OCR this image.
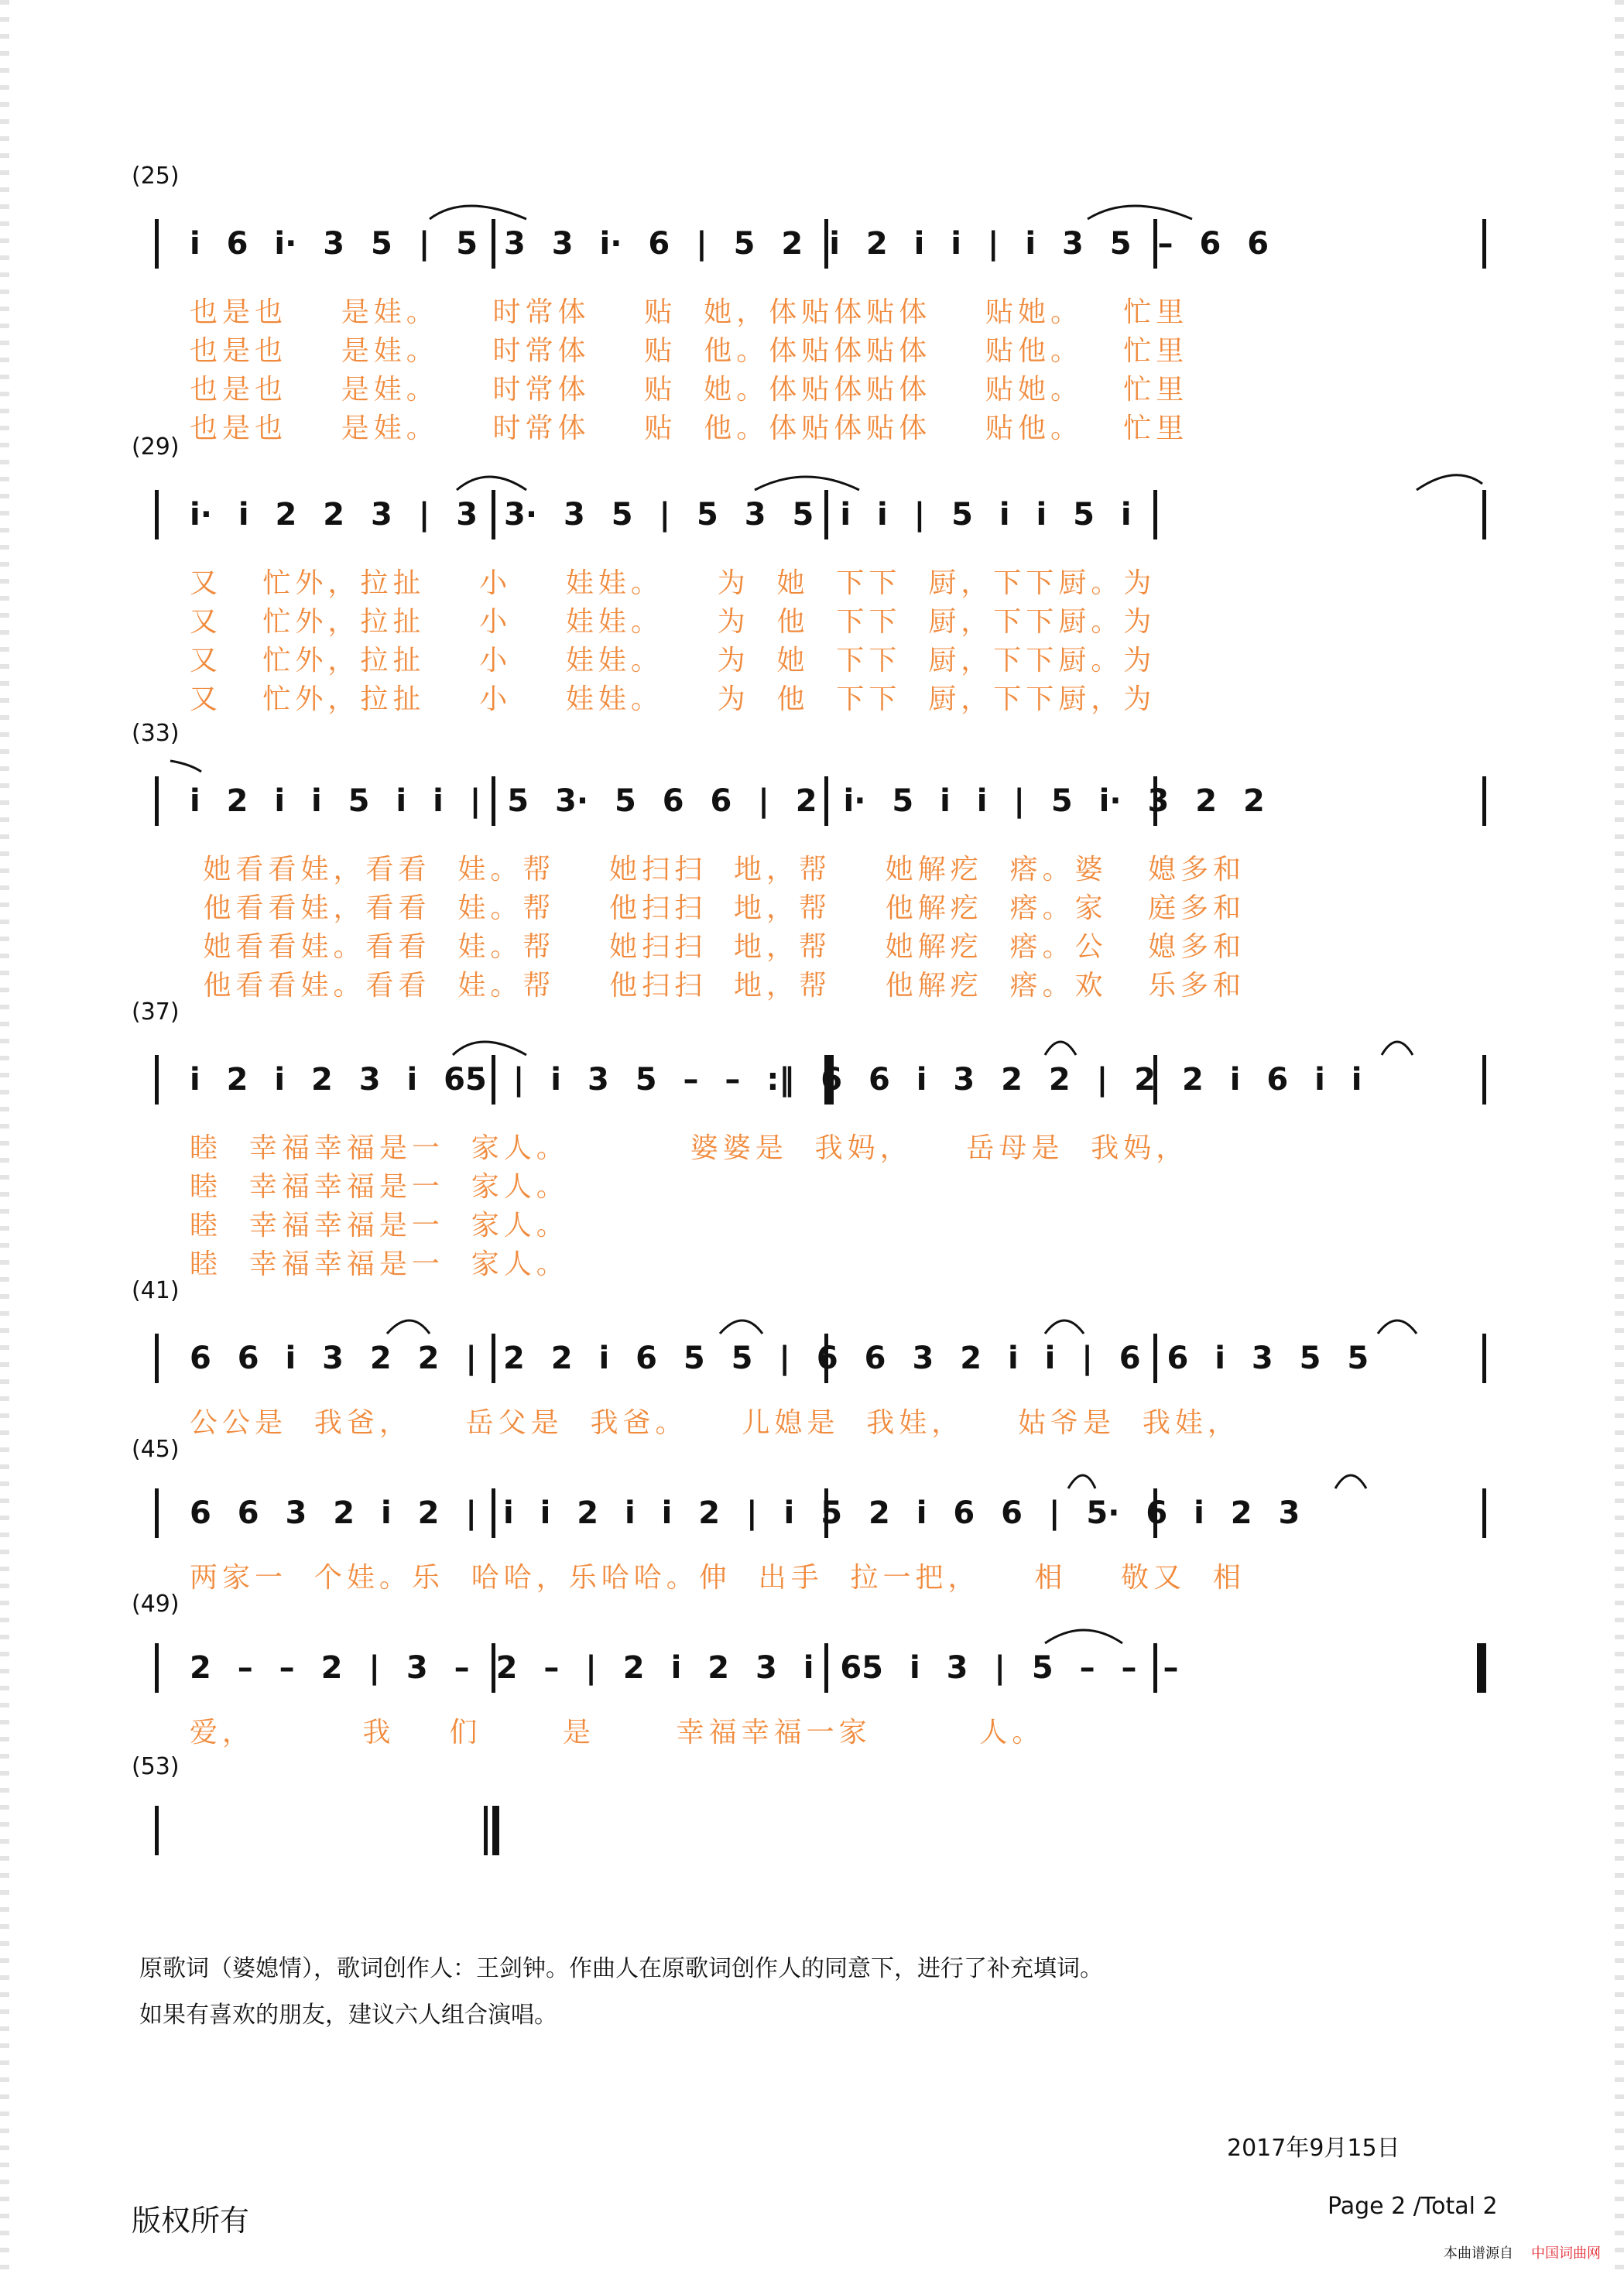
(25)
i 6 i· 3 5 | 5 3 3 i· 6 | 5 2 i 2 i i | i 3 5 – 6 6
也是也    是娃。    时常体    贴  她，体贴体贴体    贴她。   忙里
也是也    是娃。    时常体    贴  他。体贴体贴体    贴他。   忙里
也是也    是娃。    时常体    贴  她。体贴体贴体    贴她。   忙里
也是也    是娃。    时常体    贴  他。体贴体贴体    贴他。   忙里
(29)
i· i 2 2 3 | 3 3· 3 5 | 5 3 5 i i | 5 i i 5 i
又   忙外，拉扯    小    娃娃。    为  她  下下  厨，下下厨。为
又   忙外，拉扯    小    娃娃。    为  他  下下  厨，下下厨。为
又   忙外，拉扯    小    娃娃。    为  她  下下  厨，下下厨。为
又   忙外，拉扯    小    娃娃。    为  他  下下  厨，下下厨，为
(33)
i 2 i i 5 i i | 5 3· 5 6 6 | 2 i· 5 i i | 5 i· 3 2 2
她看看娃，看看  娃。帮    她扫扫  地，帮    她解疙  瘩。婆   媳多和
他看看娃，看看  娃。帮    他扫扫  地，帮    他解疙  瘩。家   庭多和
她看看娃。看看  娃。帮    她扫扫  地，帮    她解疙  瘩。公   媳多和
他看看娃。看看  娃。帮    他扫扫  地，帮    他解疙  瘩。欢   乐多和
(37)
i 2 i 2 3 i 65 | i 3 5 – – :‖ 6 6 i 3 2 2 | 2 2 i 6 i i
睦  幸福幸福是一  家人。         婆婆是  我妈，    岳母是  我妈，
睦  幸福幸福是一  家人。
睦  幸福幸福是一  家人。
睦  幸福幸福是一  家人。
(41)
6 6 i 3 2 2 | 2 2 i 6 5 5 | 6 6 3 2 i i | 6 6 i 3 5 5
公公是  我爸，    岳父是  我爸。    儿媳是  我娃，    姑爷是  我娃，
(45)
6 6 3 2 i 2 | i i 2 i i 2 | i 5 2 i 6 6 | 5· 6 i 2 3
两家一  个娃。乐  哈哈，乐哈哈。伸  出手  拉一把，    相    敬又  相
(49)
2 – – 2 | 3 – 2 – | 2 i 2 3 i 65 i 3 | 5 – – –
爱，        我    们      是      幸福幸福一家        人。
(53)
原歌词（婆媳情），歌词创作人：王剑钟。作曲人在原歌词创作人的同意下，进行了补充填词。
如果有喜欢的朋友，建议六人组合演唱。
2017年9月15日
版权所有	Page 2 /Total 2
本曲谱源自 中国词曲网
